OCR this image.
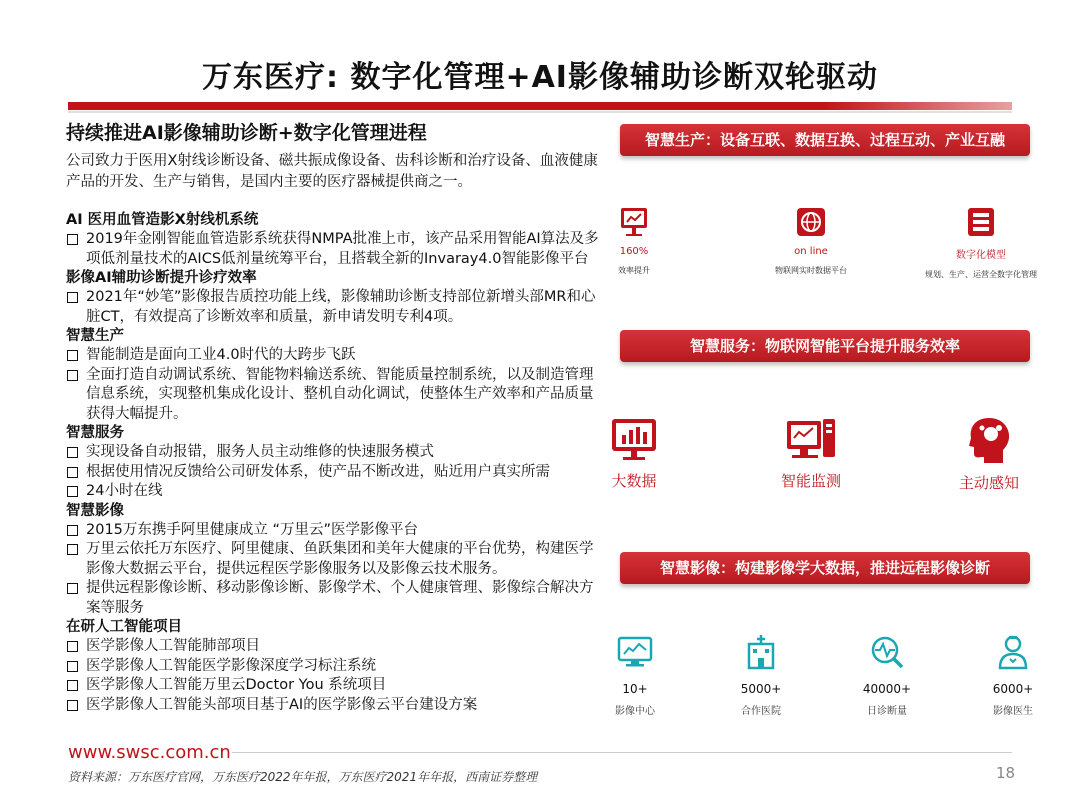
万东医疗: 数字化管理+AI影像辅助诊断双轮驱动
持续推进AI影像辅助诊断+数字化管理进程
公司致力于医用X射线诊断设备、磁共振成像设备、齿科诊断和治疗设备、血液健康产品的开发、生产与销售，是国内主要的医疗器械提供商之一。
AI 医用血管造影X射线机系统
2019年金刚智能血管造影系统获得NMPA批准上市，该产品采用智能AI算法及多项低剂量技术的AICS低剂量统筹平台，且搭载全新的Invaray4.0智能影像平台
影像AI辅助诊断提升诊疗效率
2021年“妙笔”影像报告质控功能上线，影像辅助诊断支持部位新增头部MR和心脏CT，有效提高了诊断效率和质量，新申请发明专利4项。
智慧生产
智能制造是面向工业4.0时代的大跨步飞跃
全面打造自动调试系统、智能物料输送系统、智能质量控制系统，以及制造管理信息系统，实现整机集成化设计、整机自动化调试，使整体生产效率和产品质量获得大幅提升。
智慧服务
实现设备自动报错，服务人员主动维修的快速服务模式
根据使用情况反馈给公司研发体系，使产品不断改进，贴近用户真实所需
24小时在线
智慧影像
2015万东携手阿里健康成立 “万里云”医学影像平台
万里云依托万东医疗、阿里健康、鱼跃集团和美年大健康的平台优势，构建医学影像大数据云平台，提供远程医学影像服务以及影像云技术服务。
提供远程影像诊断、移动影像诊断、影像学术、个人健康管理、影像综合解决方案等服务
在研人工智能项目
医学影像人工智能肺部项目
医学影像人工智能医学影像深度学习标注系统
医学影像人工智能万里云Doctor You 系统项目
医学影像人工智能头部项目基于AI的医学影像云平台建设方案
智慧生产：设备互联、数据互换、过程互动、产业互融
160%
效率提升
on line
物联网实时数据平台
数字化模型
规划、生产、运营全数字化管理
智慧服务：物联网智能平台提升服务效率
大数据	智能监测	主动感知
智慧影像：构建影像学大数据，推进远程影像诊断
10+
影像中心
5000+
合作医院
40000+
日诊断量
6000+
影像医生
www.swsc.com.cn
资料来源：万东医疗官网，万东医疗2022年年报，万东医疗2021年年报，西南证券整理	18
